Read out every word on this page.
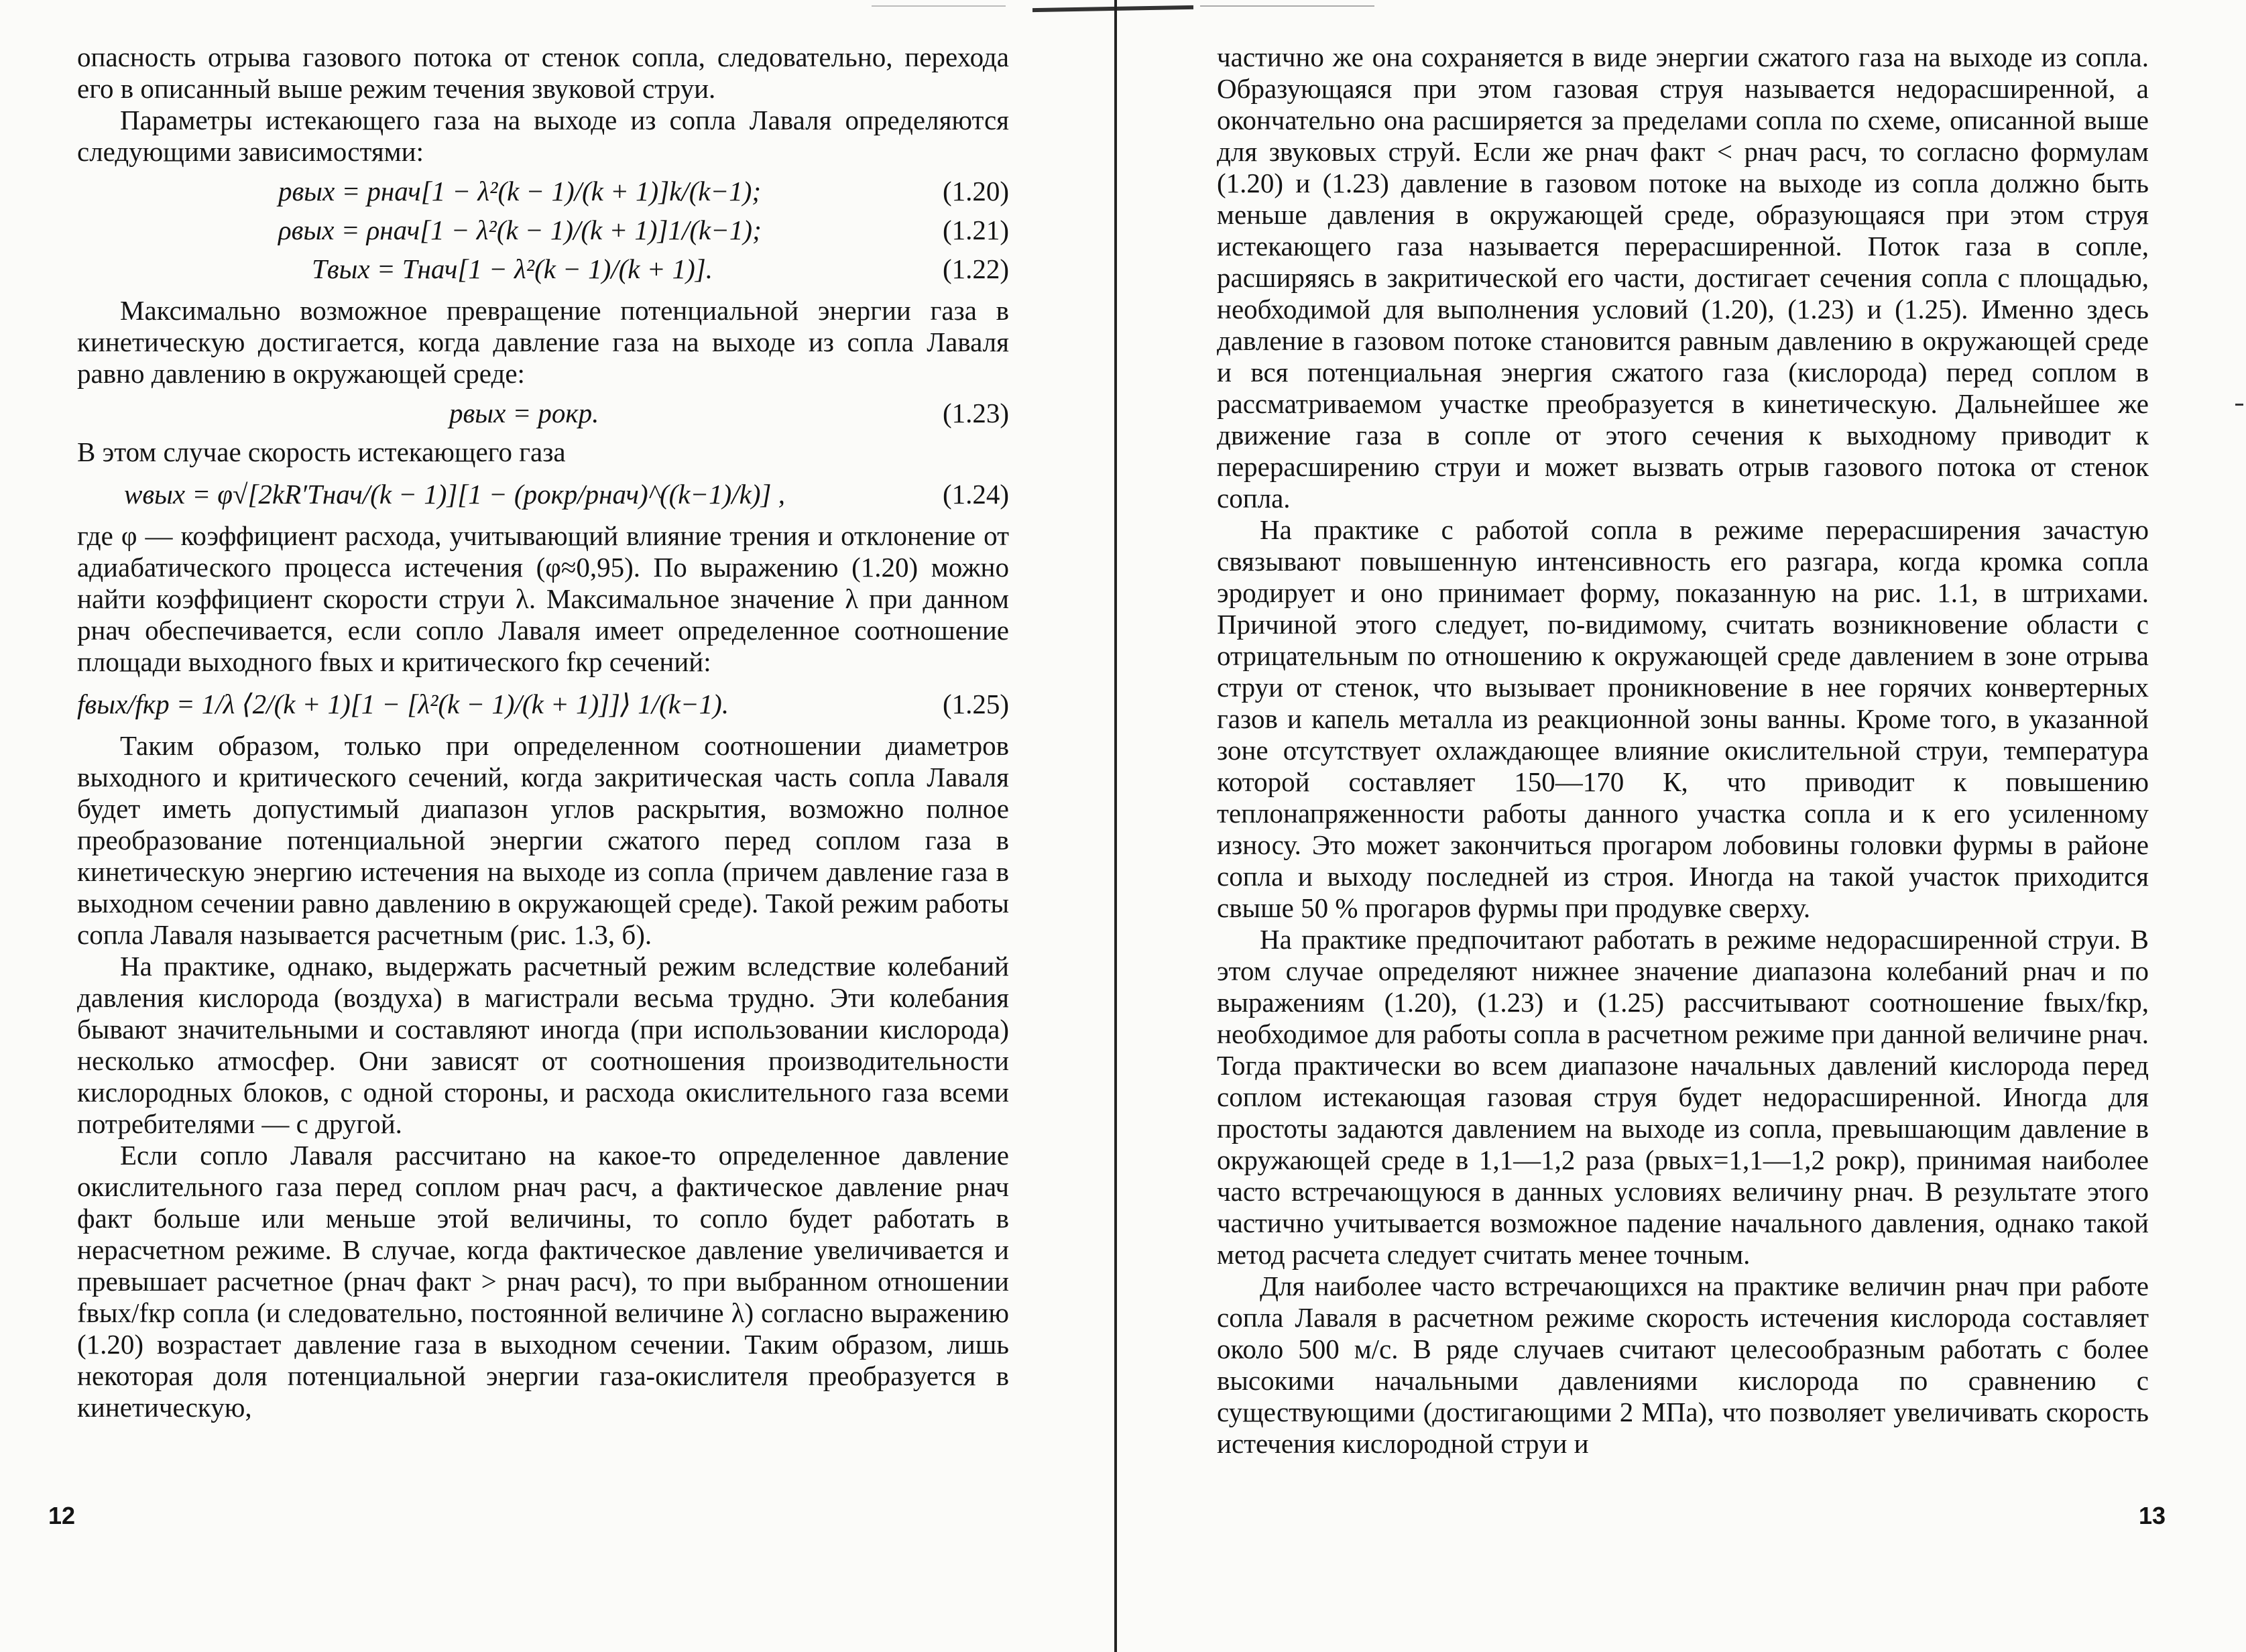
опасность отрыва газового потока от стенок сопла, следовательно, перехода его в описанный выше режим течения звуковой струи.

Параметры истекающего газа на выходе из сопла Лаваля определяются следующими зависимостями:

pвых = pнач[1 − λ²(k − 1)/(k + 1)]k/(k−1);	(1.20)
ρвых = ρнач[1 − λ²(k − 1)/(k + 1)]1/(k−1);	(1.21)
Tвых = Tнач[1 − λ²(k − 1)/(k + 1)].	(1.22)

Максимально возможное превращение потенциальной энергии газа в кинетическую достигается, когда давление газа на выходе из сопла Лаваля равно давлению в окружающей среде:

pвых = pокр.	(1.23)

В этом случае скорость истекающего газа

wвых = φ√[2kR′Tнач/(k − 1)][1 − (pокр/pнач)^((k−1)/k)] ,	(1.24)

где φ — коэффициент расхода, учитывающий влияние трения и отклонение от адиабатического процесса истечения (φ≈0,95). По выражению (1.20) можно найти коэффициент скорости струи λ. Максимальное значение λ при данном pнач обеспечивается, если сопло Лаваля имеет определенное соотношение площади выходного fвых и критического fкр сечений:

fвых/fкр = 1/λ ⟨2/(k + 1)[1 − [λ²(k − 1)/(k + 1)]]⟩ 1/(k−1).	(1.25)

Таким образом, только при определенном соотношении диаметров выходного и критического сечений, когда закритическая часть сопла Лаваля будет иметь допустимый диапазон углов раскрытия, возможно полное преобразование потенциальной энергии сжатого перед соплом газа в кинетическую энергию истечения на выходе из сопла (причем давление газа в выходном сечении равно давлению в окружающей среде). Такой режим работы сопла Лаваля называется расчетным (рис. 1.3, б).

На практике, однако, выдержать расчетный режим вследствие колебаний давления кислорода (воздуха) в магистрали весьма трудно. Эти колебания бывают значительными и составляют иногда (при использовании кислорода) несколько атмосфер. Они зависят от соотношения производительности кислородных блоков, с одной стороны, и расхода окислительного газа всеми потребителями — с другой.

Если сопло Лаваля рассчитано на какое-то определенное давление окислительного газа перед соплом pнач расч, а фактическое давление pнач факт больше или меньше этой величины, то сопло будет работать в нерасчетном режиме. В случае, когда фактическое давление увеличивается и превышает расчетное (pнач факт > pнач расч), то при выбранном отношении fвых/fкр сопла (и следовательно, постоянной величине λ) согласно выражению (1.20) возрастает давление газа в выходном сечении. Таким образом, лишь некоторая доля потенциальной энергии газа-окислителя преобразуется в кинетическую,

12

частично же она сохраняется в виде энергии сжатого газа на выходе из сопла. Образующаяся при этом газовая струя называется недорасширенной, а окончательно она расширяется за пределами сопла по схеме, описанной выше для звуковых струй. Если же pнач факт < pнач расч, то согласно формулам (1.20) и (1.23) давление в газовом потоке на выходе из сопла должно быть меньше давления в окружающей среде, образующаяся при этом струя истекающего газа называется перерасширенной. Поток газа в сопле, расширяясь в закритической его части, достигает сечения сопла с площадью, необходимой для выполнения условий (1.20), (1.23) и (1.25). Именно здесь давление в газовом потоке становится равным давлению в окружающей среде и вся потенциальная энергия сжатого газа (кислорода) перед соплом в рассматриваемом участке преобразуется в кинетическую. Дальнейшее же движение газа в сопле от этого сечения к выходному приводит к перерасширению струи и может вызвать отрыв газового потока от стенок сопла.

На практике с работой сопла в режиме перерасширения зачастую связывают повышенную интенсивность его разгара, когда кромка сопла эродирует и оно принимает форму, показанную на рис. 1.1, в штрихами. Причиной этого следует, по-видимому, считать возникновение области с отрицательным по отношению к окружающей среде давлением в зоне отрыва струи от стенок, что вызывает проникновение в нее горячих конвертерных газов и капель металла из реакционной зоны ванны. Кроме того, в указанной зоне отсутствует охлаждающее влияние окислительной струи, температура которой составляет 150—170 К, что приводит к повышению теплонапряженности работы данного участка сопла и к его усиленному износу. Это может закончиться прогаром лобовины головки фурмы в районе сопла и выходу последней из строя. Иногда на такой участок приходится свыше 50 % прогаров фурмы при продувке сверху.

На практике предпочитают работать в режиме недорасширенной струи. В этом случае определяют нижнее значение диапазона колебаний pнач и по выражениям (1.20), (1.23) и (1.25) рассчитывают соотношение fвых/fкр, необходимое для работы сопла в расчетном режиме при данной величине pнач. Тогда практически во всем диапазоне начальных давлений кислорода перед соплом истекающая газовая струя будет недорасширенной. Иногда для простоты задаются давлением на выходе из сопла, превышающим давление в окружающей среде в 1,1—1,2 раза (pвых=1,1—1,2 pокр), принимая наиболее часто встречающуюся в данных условиях величину pнач. В результате этого частично учитывается возможное падение начального давления, однако такой метод расчета следует считать менее точным.

Для наиболее часто встречающихся на практике величин pнач при работе сопла Лаваля в расчетном режиме скорость истечения кислорода составляет около 500 м/с. В ряде случаев считают целесообразным работать с более высокими начальными давлениями кислорода по сравнению с существующими (достигающими 2 МПа), что позволяет увеличивать скорость истечения кислородной струи и

13
